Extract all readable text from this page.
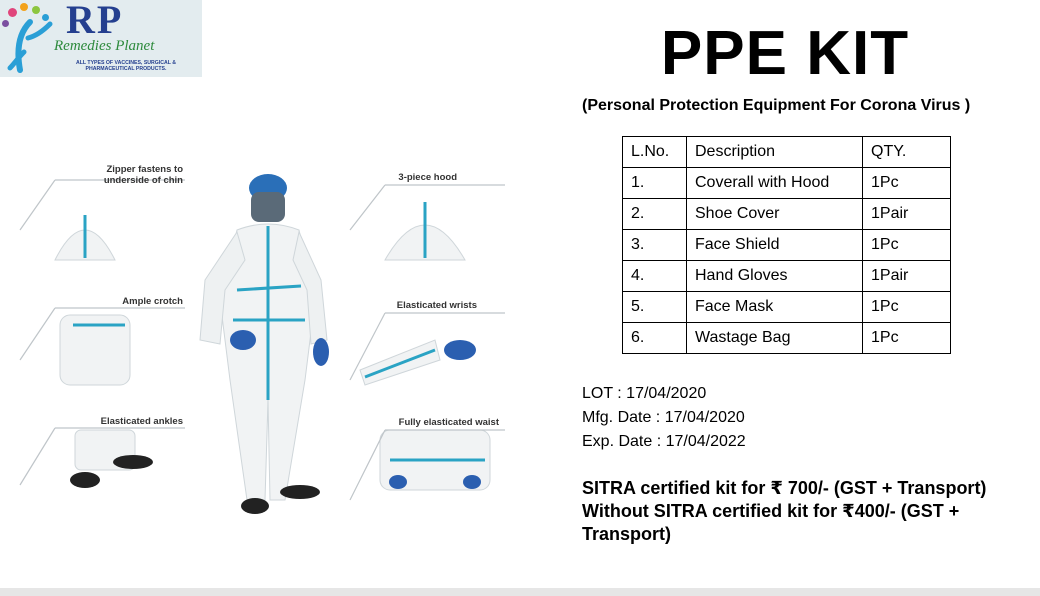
RP
Remedies Planet
ALL TYPES OF VACCINES, SURGICAL & PHARMACEUTICAL PRODUCTS.
Zipper fastens to underside of chin	3-piece hood
Ample crotch	Elasticated wrists
Elasticated ankles	Fully elasticated waist
PPE KIT
(Personal Protection Equipment For Corona Virus )
L.No.	Description	QTY.
1.	Coverall with Hood	1Pc
2.	Shoe Cover	1Pair
3.	Face Shield	1Pc
4.	Hand Gloves	1Pair
5.	Face Mask	1Pc
6.	Wastage Bag	1Pc
LOT : 17/04/2020
Mfg. Date : 17/04/2020
Exp. Date : 17/04/2022
SITRA certified kit for ₹ 700/- (GST + Transport)
Without SITRA certified kit for ₹400/- (GST + Transport)
